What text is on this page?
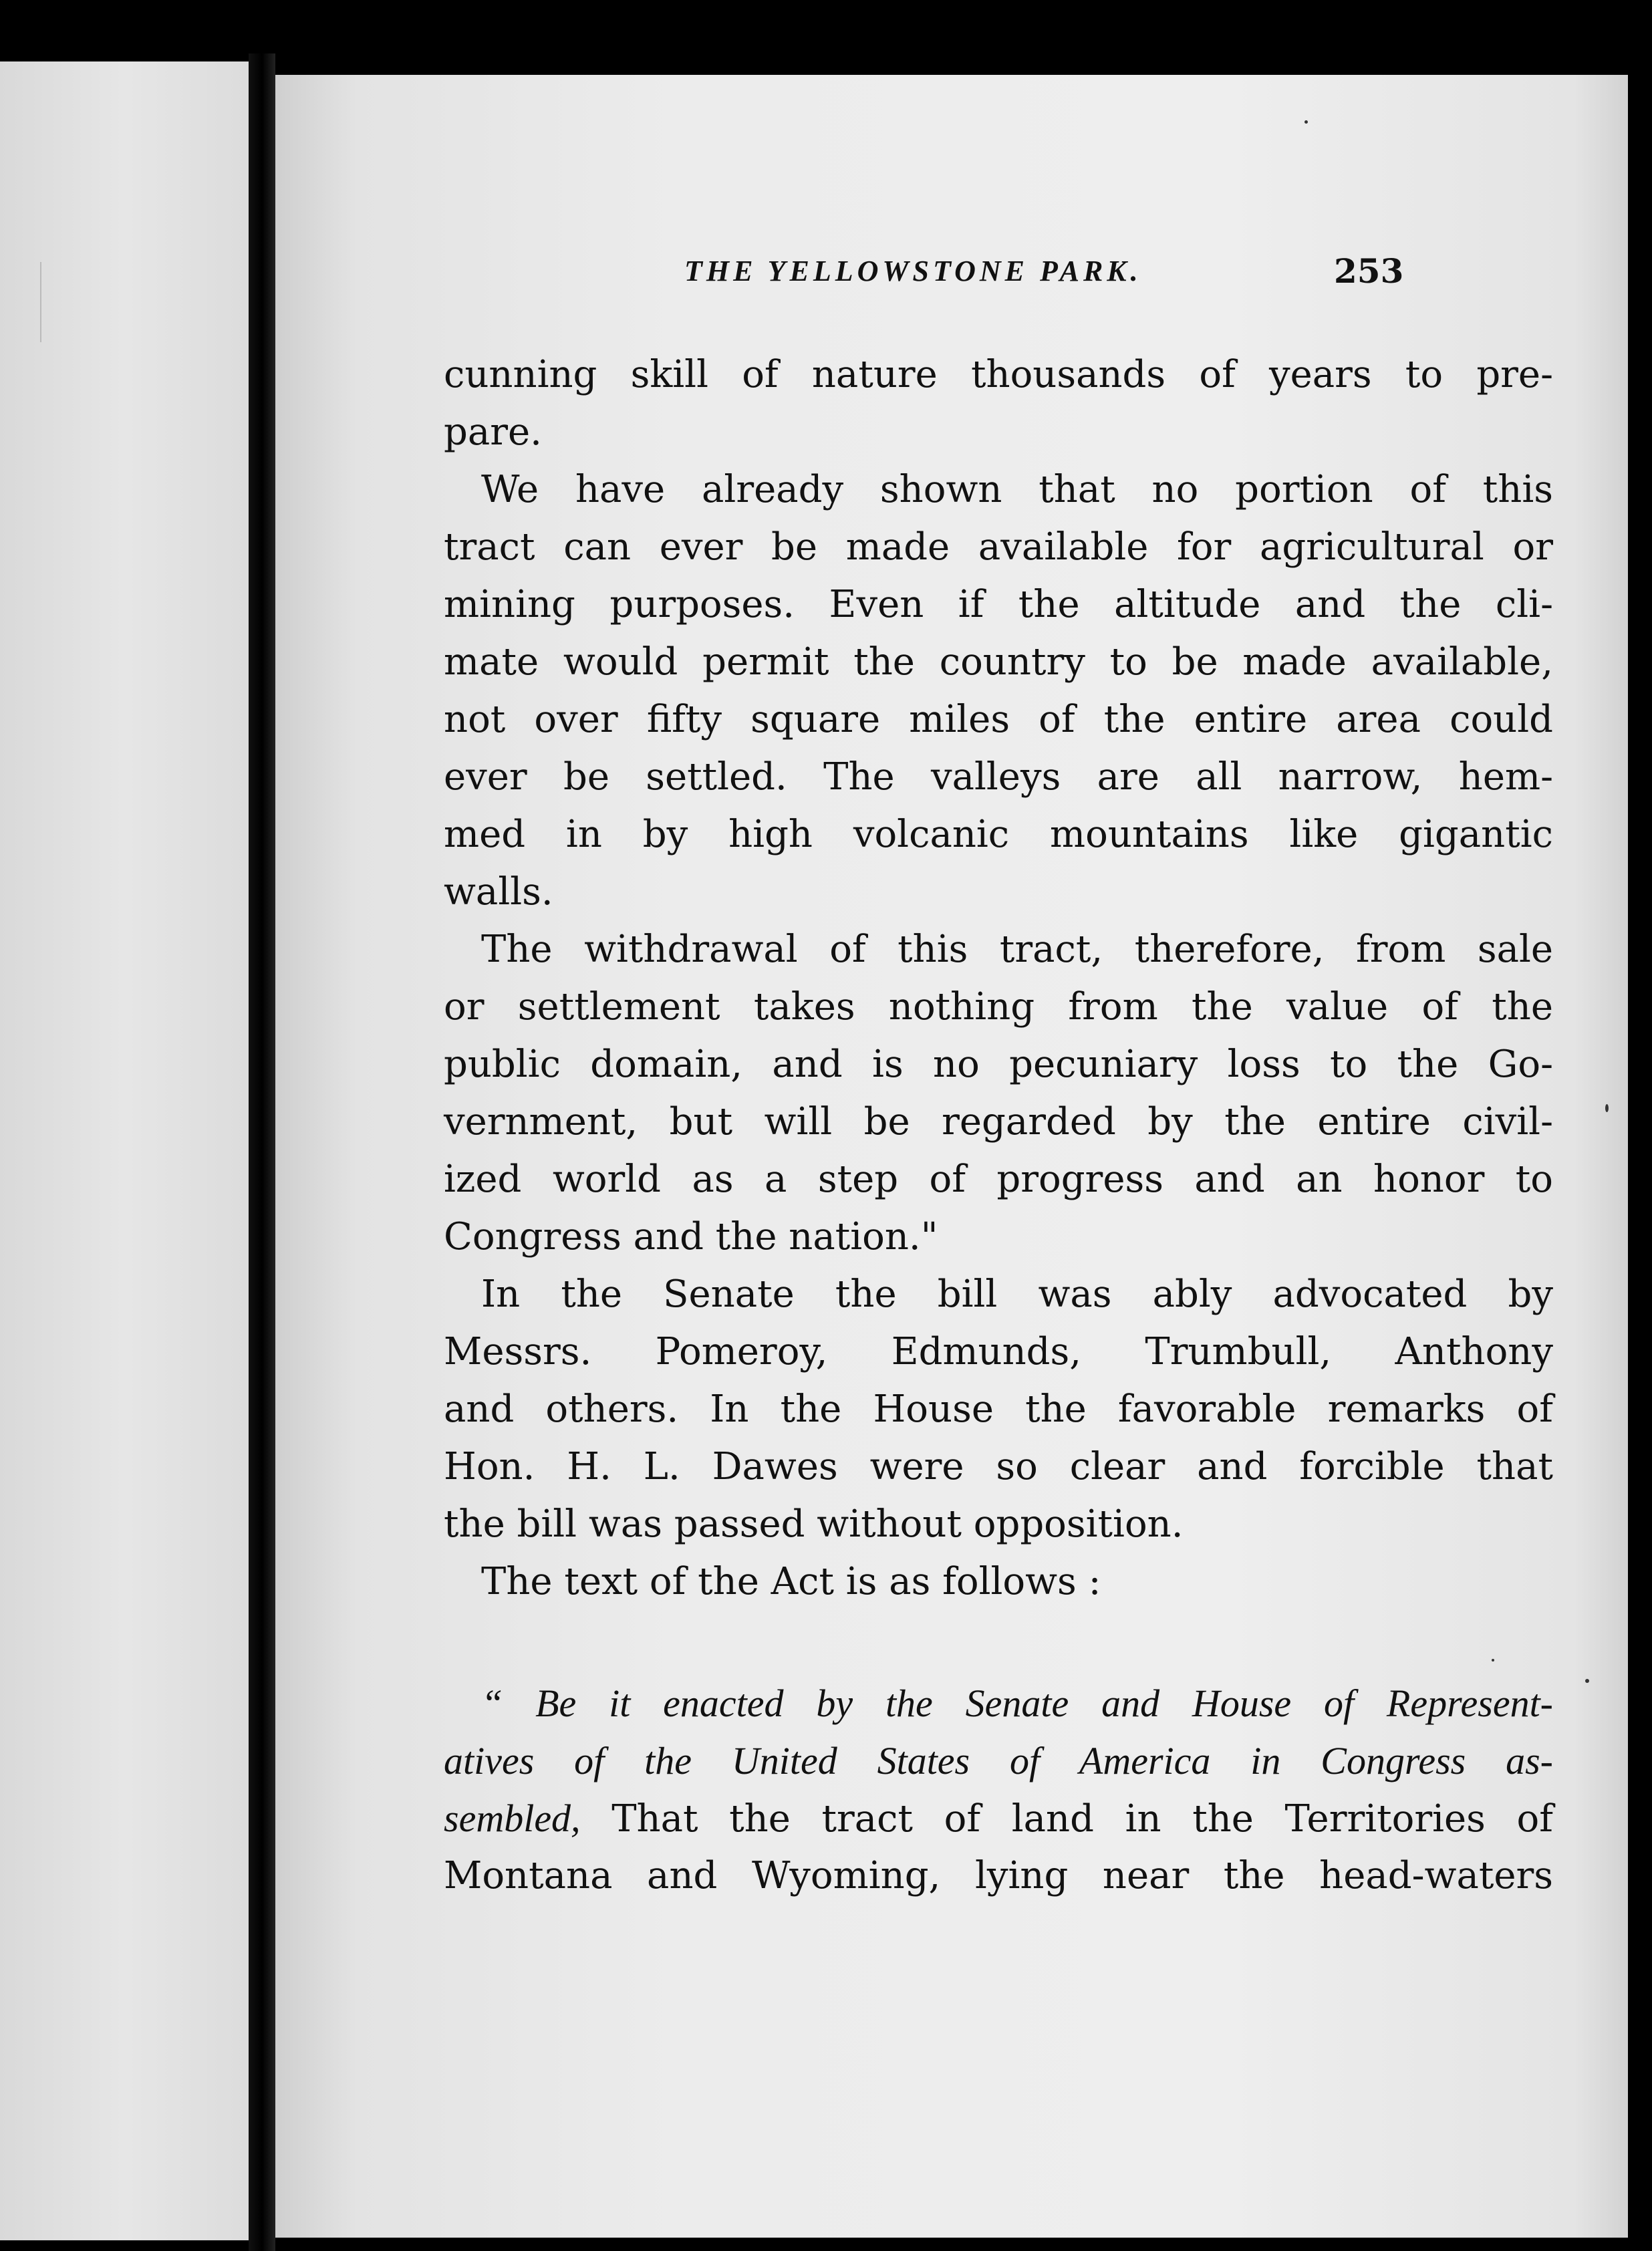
THE YELLOWSTONE PARK.	253
cunning skill of nature thousands of years to pre-
pare.
We have already shown that no portion of this
tract can ever be made available for agricultural or
mining purposes. Even if the altitude and the cli-
mate would permit the country to be made available,
not over fifty square miles of the entire area could
ever be settled. The valleys are all narrow, hem-
med in by high volcanic mountains like gigantic
walls.
The withdrawal of this tract, therefore, from sale
or settlement takes nothing from the value of the
public domain, and is no pecuniary loss to the Go-
vernment, but will be regarded by the entire civil-
ized world as a step of progress and an honor to
Congress and the nation."
In the Senate the bill was ably advocated by
Messrs. Pomeroy, Edmunds, Trumbull, Anthony
and others. In the House the favorable remarks of
Hon. H. L. Dawes were so clear and forcible that
the bill was passed without opposition.
The text of the Act is as follows :
“ Be it enacted by the Senate and House of Represent-
atives of the United States of America in Congress as-
sembled, That the tract of land in the Territories of
Montana and Wyoming, lying near the head-waters
